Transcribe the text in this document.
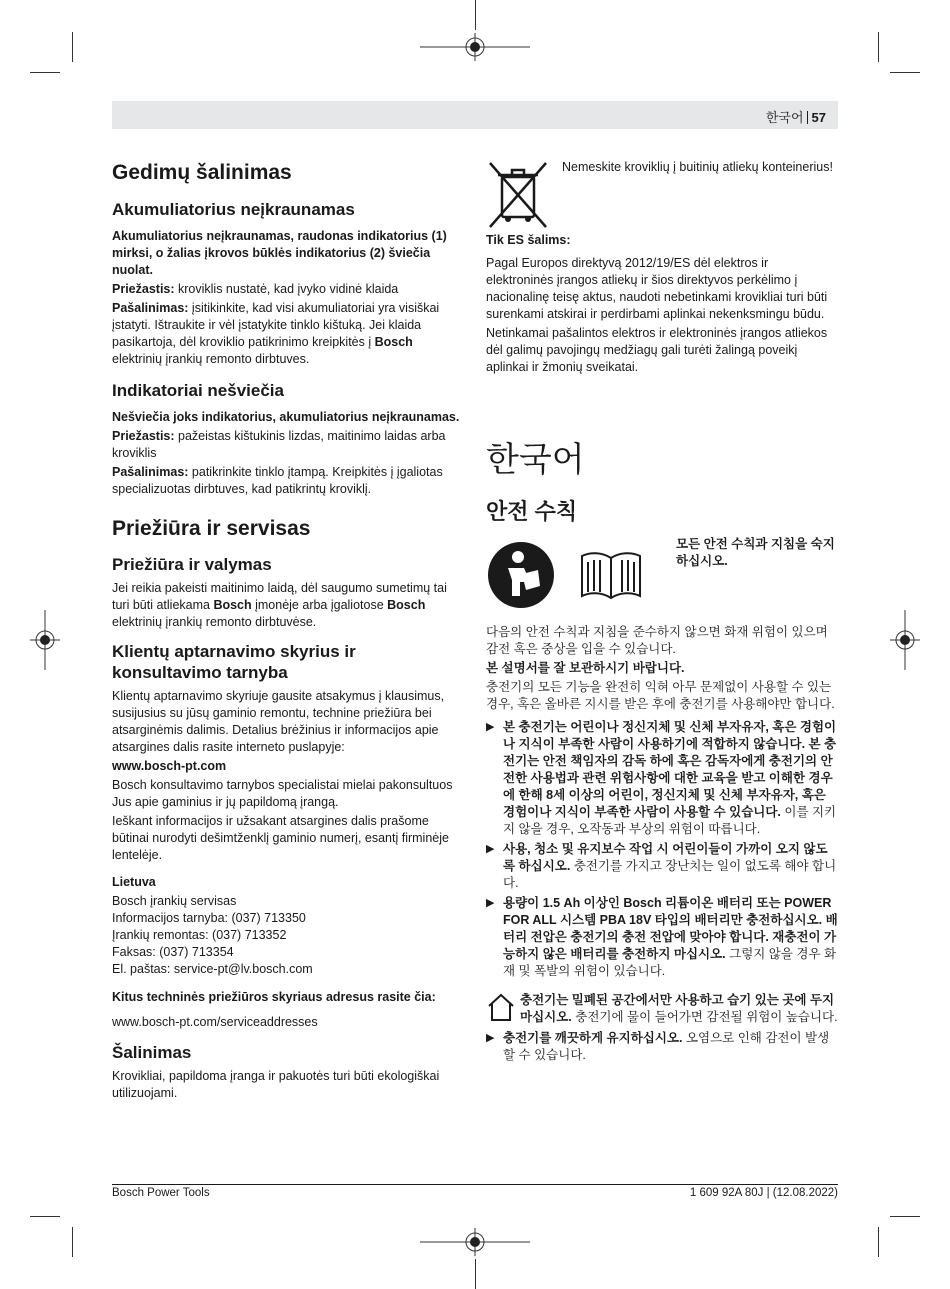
한국어 57
Gedimų šalinimas
Akumuliatorius neįkraunamas

Akumuliatorius neįkraunamas, raudonas indikatorius (1) mirksi, o žalias įkrovos būklės indikatorius (2) šviečia nuolat.

Priežastis: kroviklis nustatė, kad įvyko vidinė klaida

Pašalinimas: įsitikinkite, kad visi akumuliatoriai yra visiškai įstatyti. Ištraukite ir vėl įstatykite tinklo kištuką. Jei klaida pasikartoja, dėl kroviklio patikrinimo kreipkitės į Bosch elektrinių įrankių remonto dirbtuves.

Indikatoriai nešviečia

Nešviečia joks indikatorius, akumuliatorius neįkraunamas.

Priežastis: pažeistas kištukinis lizdas, maitinimo laidas arba kroviklis

Pašalinimas: patikrinkite tinklo įtampą. Kreipkitės į įgaliotas specializuotas dirbtuves, kad patikrintų kroviklį.

Priežiūra ir servisas
Priežiūra ir valymas

Jei reikia pakeisti maitinimo laidą, dėl saugumo sumetimų tai turi būti atliekama Bosch įmonėje arba įgaliotose Bosch elektrinių įrankių remonto dirbtuvėse.

Klientų aptarnavimo skyrius ir konsultavimo tarnyba

Klientų aptarnavimo skyriuje gausite atsakymus į klausimus, susijusius su jūsų gaminio remontu, technine priežiūra bei atsarginėmis dalimis. Detalius brėžinius ir informacijos apie atsargines dalis rasite interneto puslapyje:

www.bosch-pt.com

Bosch konsultavimo tarnybos specialistai mielai pakonsultuos Jus apie gaminius ir jų papildomą įrangą.

Ieškant informacijos ir užsakant atsargines dalis prašome būtinai nurodyti dešimtženklį gaminio numerį, esantį firminėje lentelėje.

Lietuva

Bosch įrankių servisas
Informacijos tarnyba: (037) 713350
Įrankių remontas: (037) 713352
Faksas: (037) 713354
El. paštas: service-pt@lv.bosch.com

Kitus techninės priežiūros skyriaus adresus rasite čia:

www.bosch-pt.com/serviceaddresses

Šalinimas

Krovikliai, papildoma įranga ir pakuotės turi būti ekologiškai utilizuojami.

Nemeskite kroviklių į buitinių atliekų konteinerius!

Tik ES šalims:

Pagal Europos direktyvą 2012/19/ES dėl elektros ir elektroninės įrangos atliekų ir šios direktyvos perkėlimo į nacionalinę teisę aktus, naudoti nebetinkami krovikliai turi būti surenkami atskirai ir perdirbami aplinkai nekenksmingu būdu.

Netinkamai pašalintos elektros ir elektroninės įrangos atliekos dėl galimų pavojingų medžiagų gali turėti žalingą poveikį aplinkai ir žmonių sveikatai.

한국어
안전 수칙
모든 안전 수칙과 지침을 숙지하십시오.

다음의 안전 수칙과 지침을 준수하지 않으면 화재 위험이 있으며 감전 혹은 중상을 입을 수 있습니다.

본 설명서를 잘 보관하시기 바랍니다.

충전기의 모든 기능을 완전히 익혀 아무 문제없이 사용할 수 있는 경우, 혹은 올바른 지시를 받은 후에 충전기를 사용해야만 합니다.

▶ 본 충전기는 어린이나 정신지체 및 신체 부자유자, 혹은 경험이나 지식이 부족한 사람이 사용하기에 적합하지 않습니다. 본 충전기는 안전 책임자의 감독 하에 혹은 감독자에게 충전기의 안전한 사용법과 관련 위험사항에 대한 교육을 받고 이해한 경우에 한해 8세 이상의 어린이, 정신지체 및 신체 부자유자, 혹은 경험이나 지식이 부족한 사람이 사용할 수 있습니다. 이를 지키지 않을 경우, 오작동과 부상의 위험이 따릅니다.
▶ 사용, 청소 및 유지보수 작업 시 어린이들이 가까이 오지 않도록 하십시오. 충전기를 가지고 장난치는 일이 없도록 해야 합니다.
▶ 용량이 1.5 Ah 이상인 Bosch 리튬이온 배터리 또는 POWER FOR ALL 시스템 PBA 18V 타입의 배터리만 충전하십시오. 배터리 전압은 충전기의 충전 전압에 맞아야 합니다. 재충전이 가능하지 않은 배터리를 충전하지 마십시오. 그렇지 않을 경우 화재 및 폭발의 위험이 있습니다.
충전기는 밀폐된 공간에서만 사용하고 습기 있는 곳에 두지 마십시오. 충전기에 물이 들어가면 감전될 위험이 높습니다.
▶ 충전기를 깨끗하게 유지하십시오. 오염으로 인해 감전이 발생할 수 있습니다.
Bosch Power Tools	1 609 92A 80J | (12.08.2022)
